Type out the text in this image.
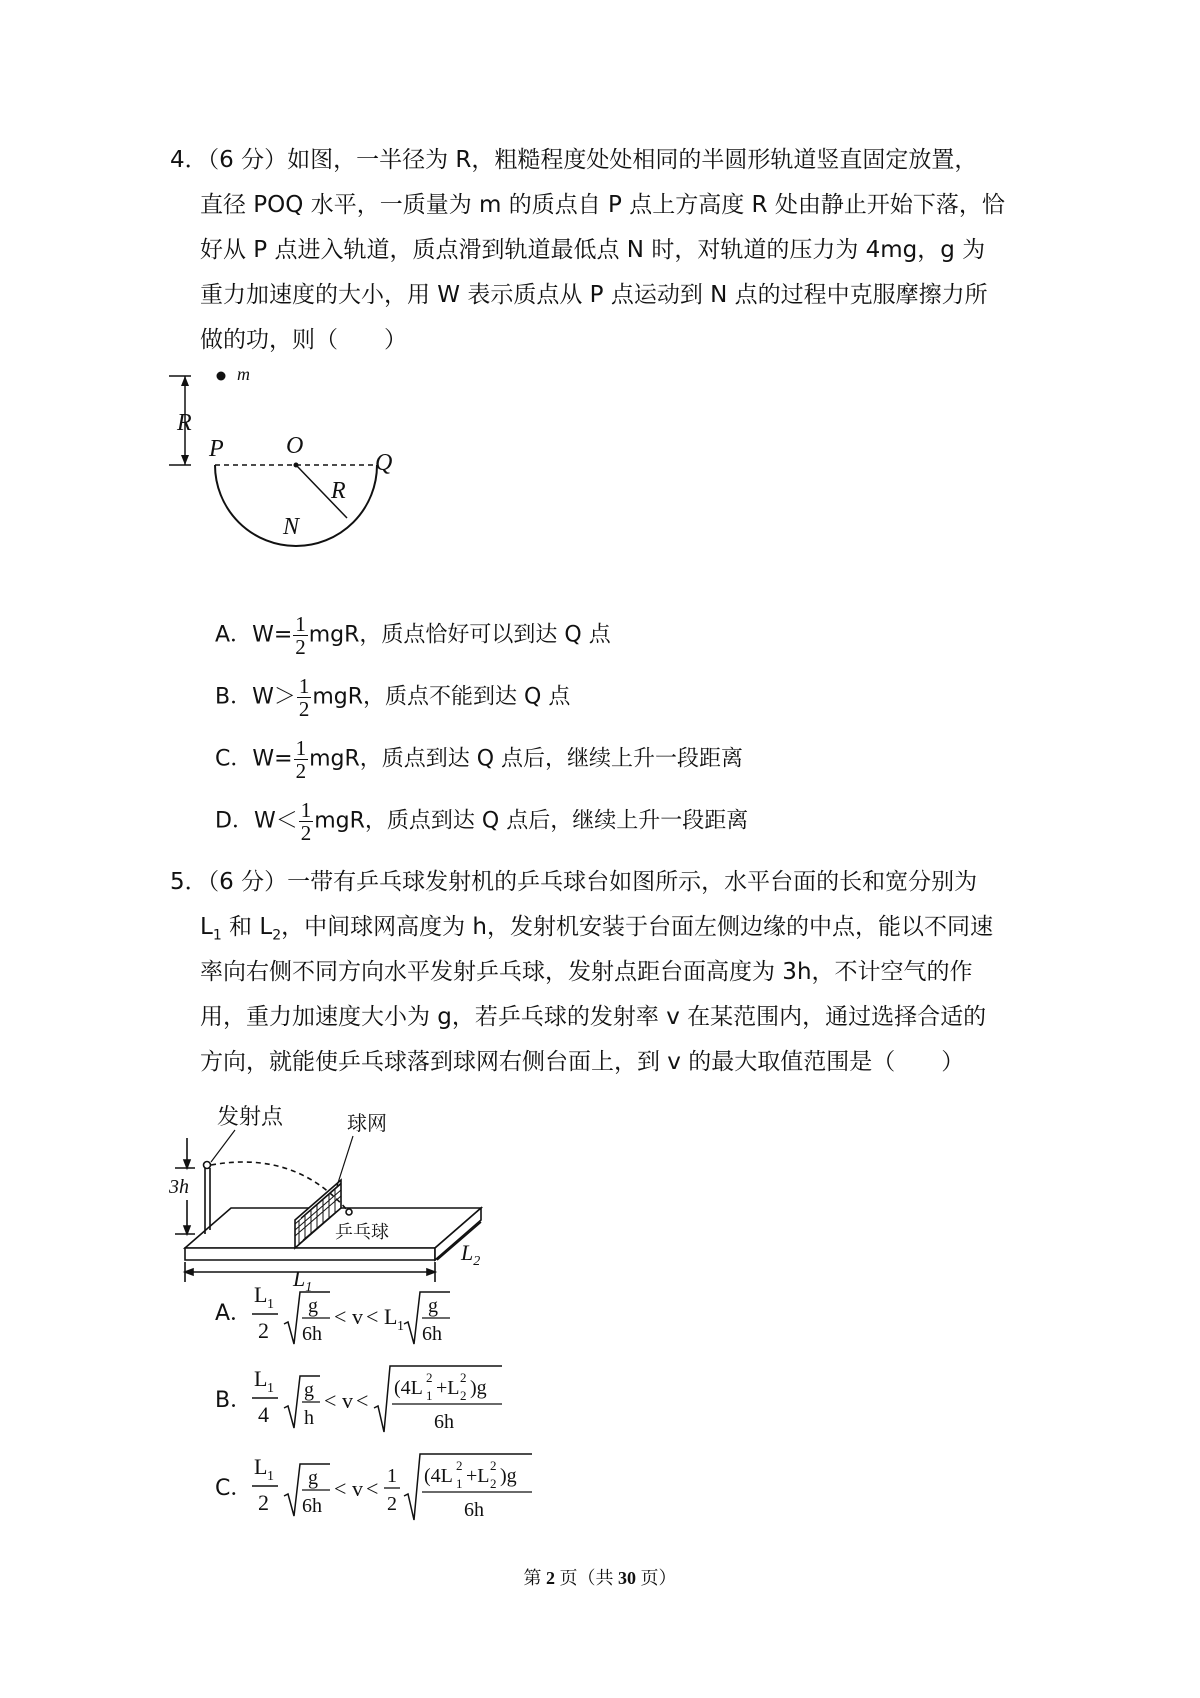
4．（6 分）如图，一半径为 R，粗糙程度处处相同的半圆形轨道竖直固定放置，
直径 POQ 水平，一质量为 m 的质点自 P 点上方高度 R 处由静止开始下落，恰
好从 P 点进入轨道，质点滑到轨道最低点 N 时，对轨道的压力为 4mg，g 为
重力加速度的大小，用 W 表示质点从 P 点运动到 N 点的过程中克服摩擦力所
做的功，则（　　）
m
R
P	O
Q
R
N
A．$W= \frac{1}{2}$ mgR，质点恰好可以到达 Q 点
B．$W> \frac{1}{2}$ mgR，质点不能到达 Q 点
C．$W= \frac{1}{2}$ mgR，质点到达 Q 点后，继续上升一段距离
D．$W< \frac{1}{2}$ mgR，质点到达 Q 点后，继续上升一段距离
5．（6 分）一带有乒乓球发射机的乒乓球台如图所示，水平台面的长和宽分别为
$L_1$ 和 $L_2$，中间球网高度为 h，发射机安装于台面左侧边缘的中点，能以不同速
率向右侧不同方向水平发射乒乓球，发射点距台面高度为 3h，不计空气的作
用，重力加速度大小为 g，若乒乓球的发射率 v 在某范围内，通过选择合适的
方向，就能使乒乓球落到球网右侧台面上，到 v 的最大取值范围是（　　）
发射点	球网
乒乓球
3h
$L_1$
$L_2$
A．
L 1
2
g
6h
< v < L 1
g
6h
B．
L 1
4
g
h
< v < (4L 2
1 +L 2
2 )g
6h
C．
L 1
2
g
6h
< v < 1
2
(4L 2
1 +L 2
2 )g
6h
第 2 页（共 30 页）
